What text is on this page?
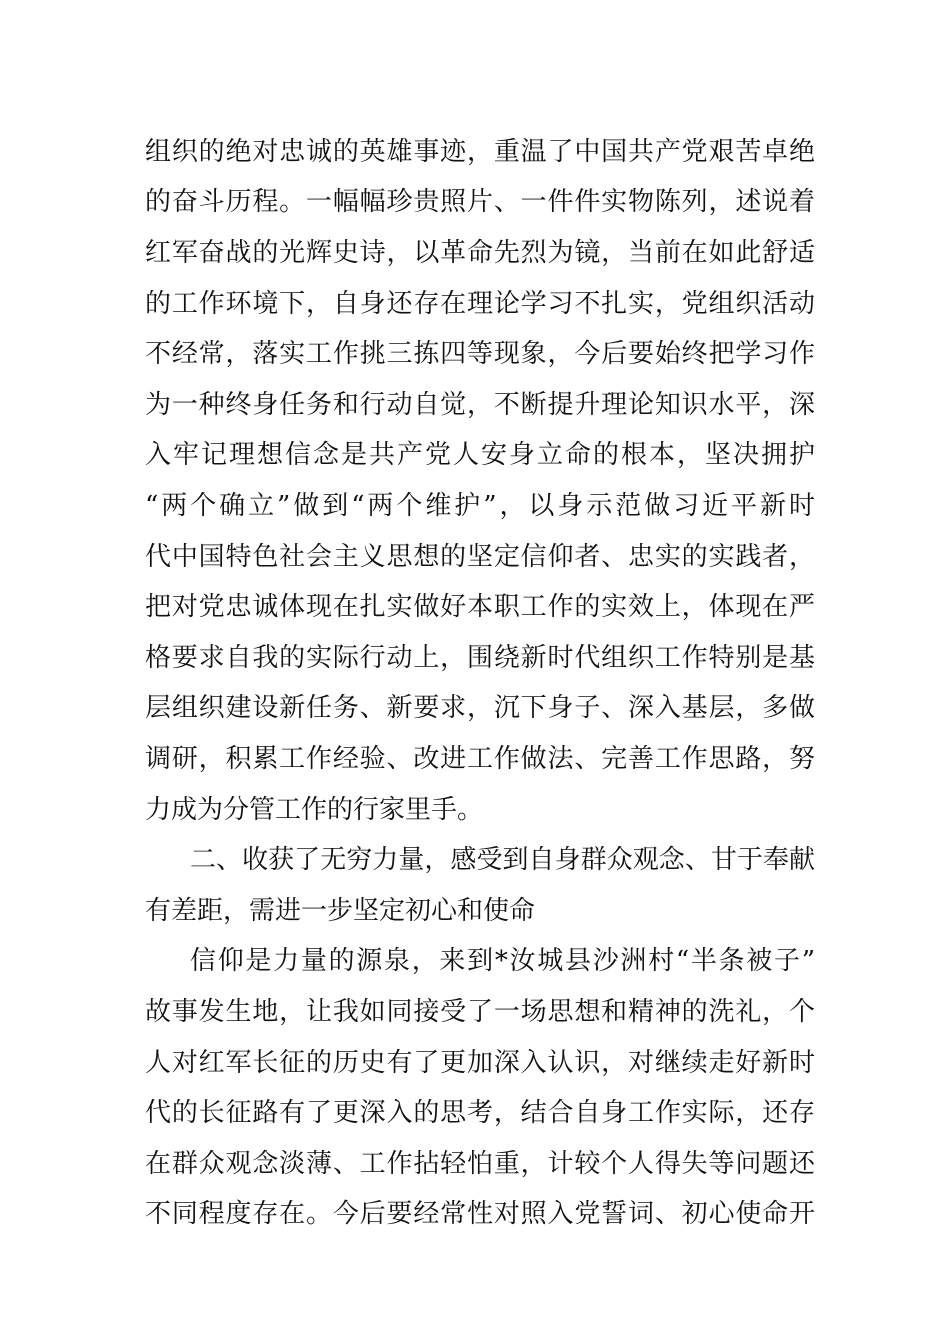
组织的绝对忠诚的英雄事迹，重温了中国共产党艰苦卓绝
的奋斗历程。一幅幅珍贵照片、一件件实物陈列，述说着
红军奋战的光辉史诗，以革命先烈为镜，当前在如此舒适
的工作环境下，自身还存在理论学习不扎实，党组织活动
不经常，落实工作挑三拣四等现象，今后要始终把学习作
为一种终身任务和行动自觉，不断提升理论知识水平，深
入牢记理想信念是共产党人安身立命的根本，坚决拥护
“两个确立”做到“两个维护”，以身示范做习近平新时
代中国特色社会主义思想的坚定信仰者、忠实的实践者，
把对党忠诚体现在扎实做好本职工作的实效上，体现在严
格要求自我的实际行动上，围绕新时代组织工作特别是基
层组织建设新任务、新要求，沉下身子、深入基层，多做
调研，积累工作经验、改进工作做法、完善工作思路，努
力成为分管工作的行家里手。
二、收获了无穷力量，感受到自身群众观念、甘于奉献
有差距，需进一步坚定初心和使命
信仰是力量的源泉，来到*汝城县沙洲村“半条被子”
故事发生地，让我如同接受了一场思想和精神的洗礼，个
人对红军长征的历史有了更加深入认识，对继续走好新时
代的长征路有了更深入的思考，结合自身工作实际，还存
在群众观念淡薄、工作拈轻怕重，计较个人得失等问题还
不同程度存在。今后要经常性对照入党誓词、初心使命开
